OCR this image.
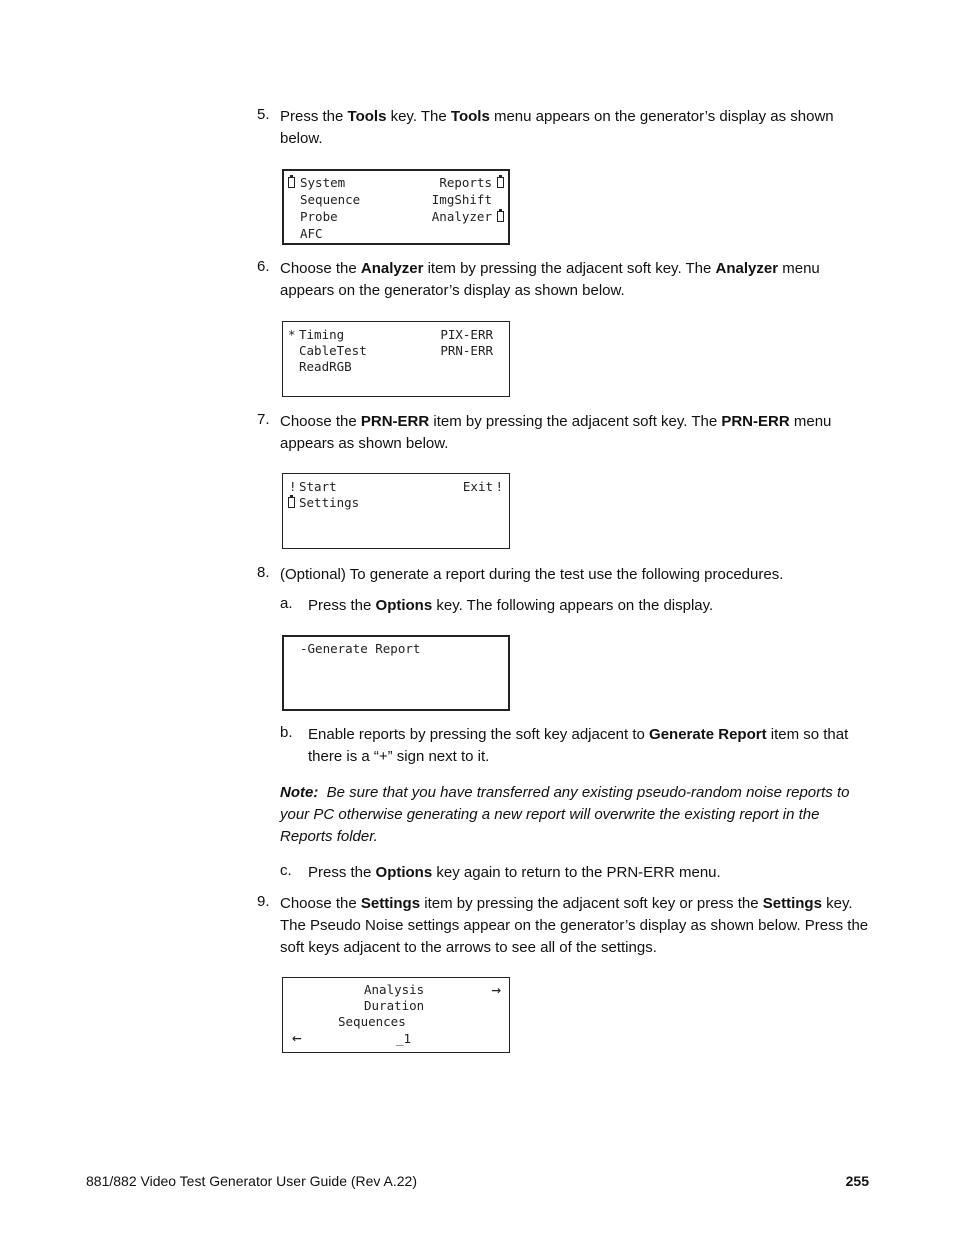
5. Press the Tools key. The Tools menu appears on the generator’s display as shown below.
System
Sequence
Probe
AFC
Reports
ImgShift
Analyzer
6. Choose the Analyzer item by pressing the adjacent soft key. The Analyzer menu appears on the generator’s display as shown below.
* Timing
CableTest
ReadRGB
PIX-ERR
PRN-ERR
7. Choose the PRN-ERR item by pressing the adjacent soft key. The PRN-ERR menu appears as shown below.
! Start
Settings
Exit !
8. (Optional) To generate a report during the test use the following procedures.
a. Press the Options key. The following appears on the display.
-Generate Report
b. Enable reports by pressing the soft key adjacent to Generate Report item so that there is a “+” sign next to it.
Note: Be sure that you have transferred any existing pseudo-random noise reports to your PC otherwise generating a new report will overwrite the existing report in the Reports folder.
c. Press the Options key again to return to the PRN-ERR menu.
9. Choose the Settings item by pressing the adjacent soft key or press the Settings key. The Pseudo Noise settings appear on the generator’s display as shown below. Press the soft keys adjacent to the arrows to see all of the settings.
Analysis	→
Duration
Sequences
←	_1
881/882 Video Test Generator User Guide (Rev A.22)	255
